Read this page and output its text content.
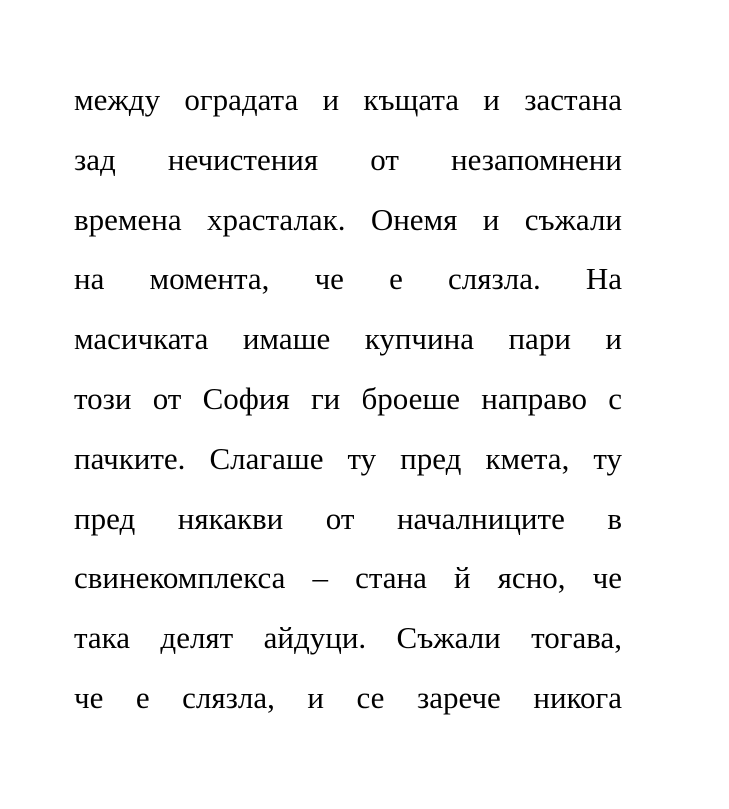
между оградата и къщата и застана
зад нечистения от незапомнени
времена храсталак. Онемя и съжали
на момента, че е слязла. На
масичката имаше купчина пари и
този от София ги броеше направо с
пачките. Слагаше ту пред кмета, ту
пред някакви от началниците в
свинекомплекса – стана й ясно, че
така делят айдуци. Съжали тогава,
че е слязла, и се зарече никога
